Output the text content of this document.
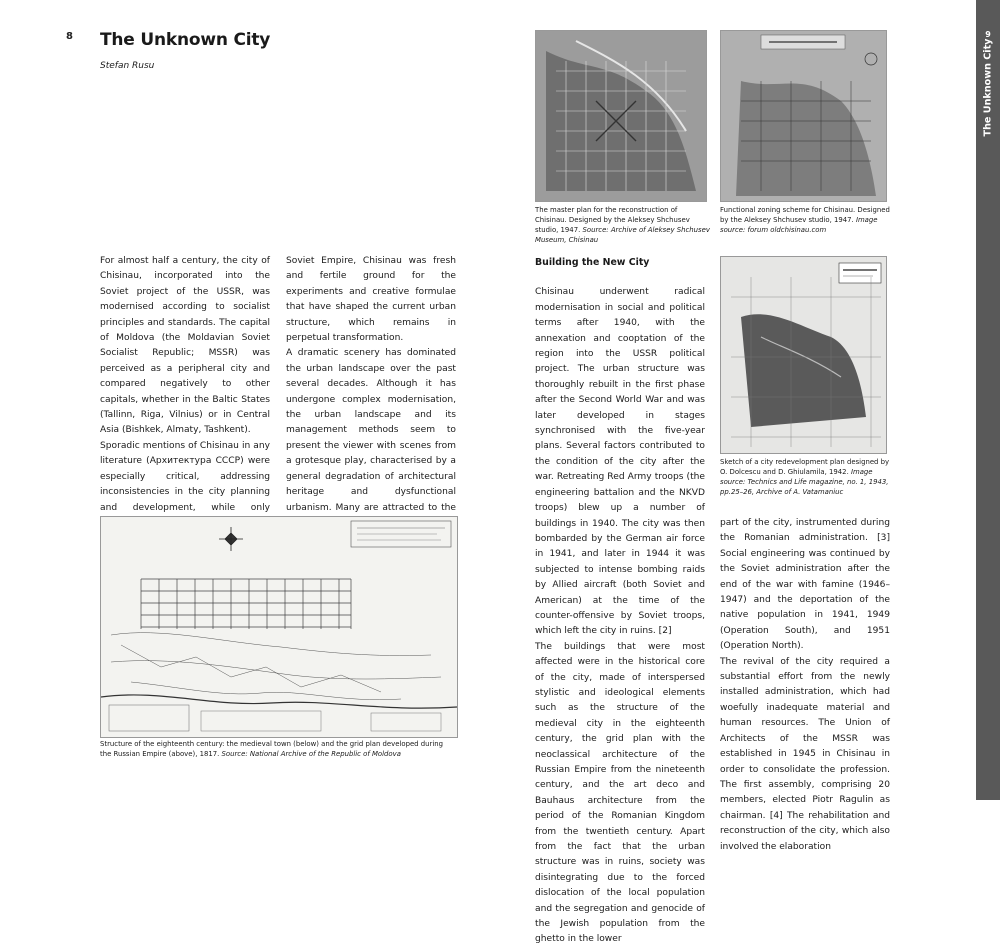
8 The Unknown City
Stefan Rusu

For almost half a century, the city of Chisinau, incorporated into the Soviet project of the USSR, was modernised according to socialist principles and standards. The capital of Moldova (the Moldavian Soviet Socialist Republic; MSSR) was perceived as a peripheral city and compared negatively to other capitals, whether in the Baltic States (Tallinn, Riga, Vilnius) or in Central Asia (Bishkek, Almaty, Tashkent).

Sporadic mentions of Chisinau in any literature (Архитектура СССР) were especially critical, addressing inconsistencies in the city planning and development, while only

Soviet Empire, Chisinau was fresh and fertile ground for the experiments and creative formulae that have shaped the current urban structure, which remains in perpetual transformation.

A dramatic scenery has dominated the urban landscape over the past several decades. Although it has undergone complex modernisation, the urban landscape and its management methods seem to present the viewer with scenes from a grotesque play, characterised by a general degradation of architectural heritage and dysfunctional urbanism. Many are attracted to the

Structure of the eighteenth century: the medieval town (below) and the grid plan developed during the Russian Empire (above), 1817. Source: National Archive of the Republic of Moldova
The master plan for the reconstruction of Chisinau. Designed by the Aleksey Shchusev studio, 1947. Source: Archive of Aleksey Shchusev Museum, Chisinau
Functional zoning scheme for Chisinau. Designed by the Aleksey Shchusev studio, 1947. Image source: forum oldchisinau.com
Building the New City

Chisinau underwent radical modernisation in social and political terms after 1940, with the annexation and cooptation of the region into the USSR political project. The urban structure was thoroughly rebuilt in the first phase after the Second World War and was later developed in stages synchronised with the five-year plans. Several factors contributed to the condition of the city after the war. Retreating Red Army troops (the engineering battalion and the NKVD troops) blew up a number of buildings in 1940. The city was then bombarded by the German air force in 1941, and later in 1944 it was subjected to intense bombing raids by Allied aircraft (both Soviet and American) at the time of the counter-offensive by Soviet troops, which left the city in ruins. [2]

The buildings that were most affected were in the historical core of the city, made of interspersed stylistic and ideological elements such as the structure of the medieval city in the eighteenth century, the grid plan with the neoclassical architecture of the Russian Empire from the nineteenth century, and the art deco and Bauhaus architecture from the period of the Romanian Kingdom from the twentieth century. Apart from the fact that the urban structure was in ruins, society was disintegrating due to the forced dislocation of the local population and the segregation and genocide of the Jewish population from the ghetto in the lower

Sketch of a city redevelopment plan designed by O. Dolcescu and D. Ghiulamila, 1942. Image source: Technics and Life magazine, no. 1, 1943, pp.25–26, Archive of A. Vatamaniuc

part of the city, instrumented during the Romanian administration. [3] Social engineering was continued by the Soviet administration after the end of the war with famine (1946–1947) and the deportation of the native population in 1941, 1949 (Operation South), and 1951 (Operation North).

The revival of the city required a substantial effort from the newly installed administration, which had woefully inadequate material and human resources. The Union of Architects of the MSSR was established in 1945 in Chisinau in order to consolidate the profession. The first assembly, comprising 20 members, elected Piotr Ragulin as chairman. [4] The rehabilitation and reconstruction of the city, which also involved the elaboration

9
The Unknown City
